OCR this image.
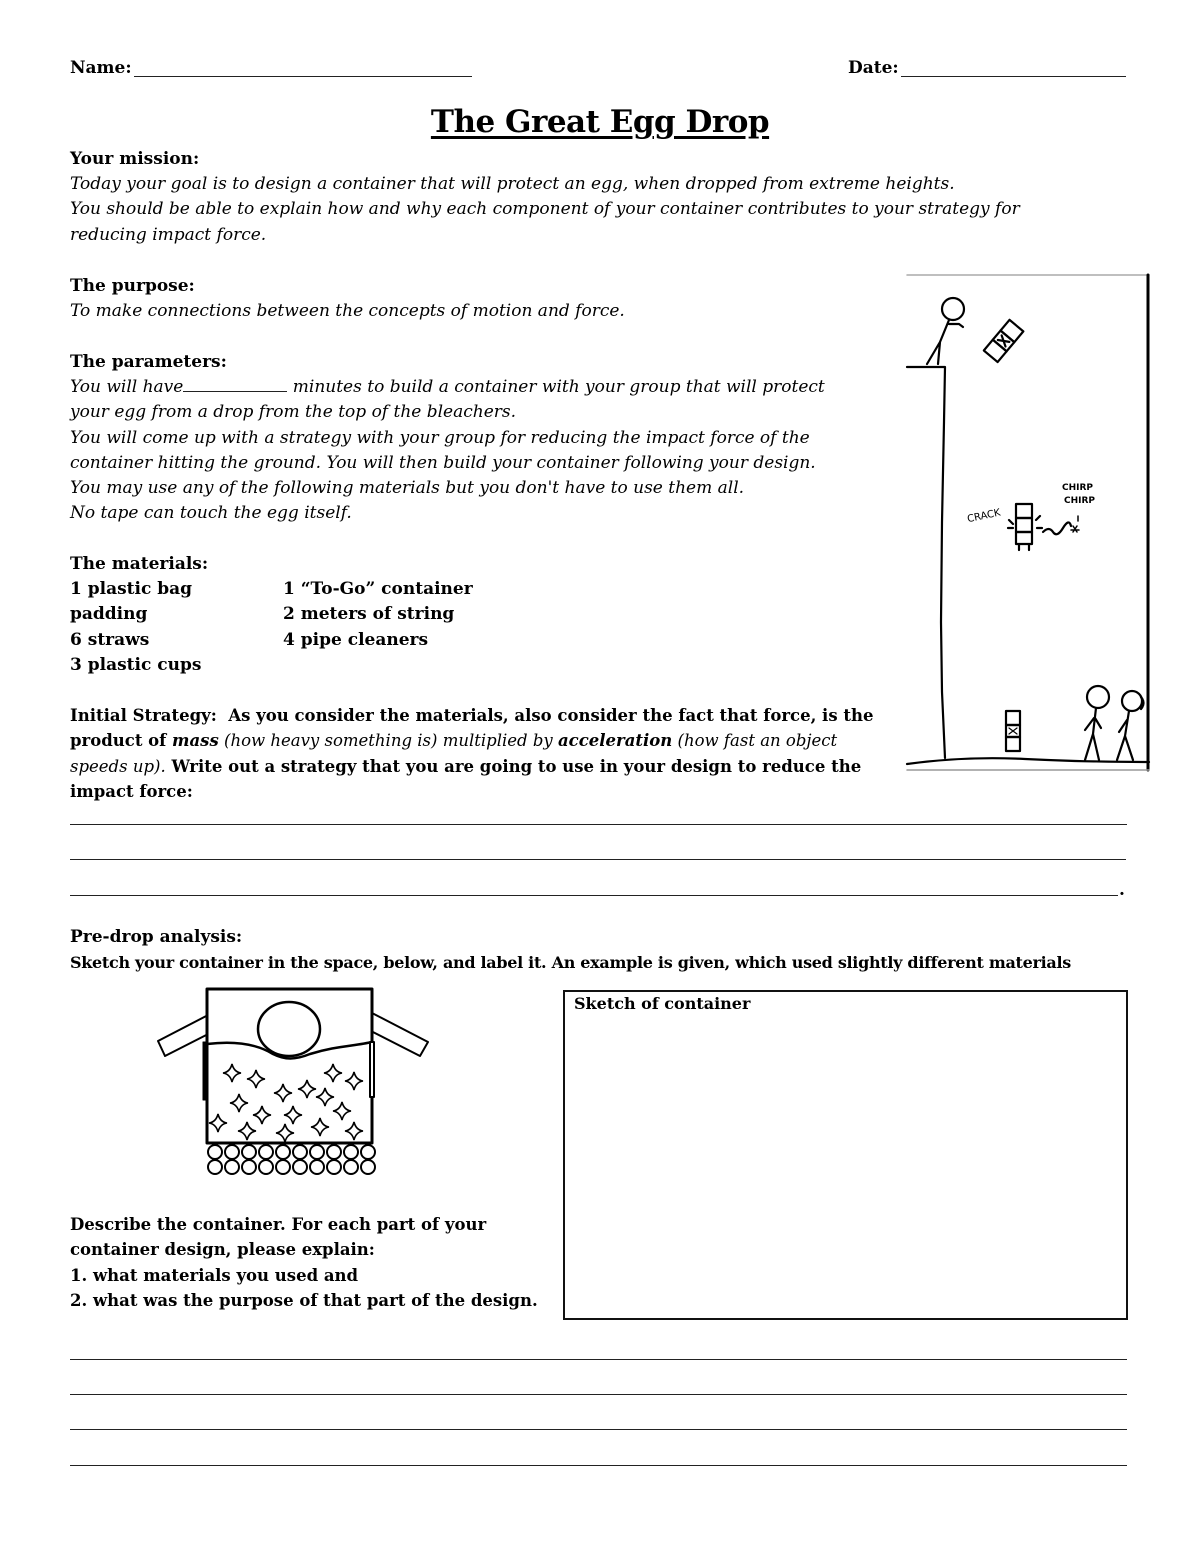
Name:	Date:
The Great Egg Drop
Your mission:
Today your goal is to design a container that will protect an egg, when dropped from extreme heights.
You should be able to explain how and why each component of your container contributes to your strategy for
reducing impact force.
The purpose:
To make connections between the concepts of motion and force.
The parameters:
You will have	minutes to build a container with your group that will protect
your egg from a drop from the top of the bleachers.
You will come up with a strategy with your group for reducing the impact force of the
container hitting the ground. You will then build your container following your design.
You may use any of the following materials but you don't have to use them all.
No tape can touch the egg itself.
The materials:
1 plastic bag
padding
6 straws
3 plastic cups
1 “To-Go” container
2 meters of string
4 pipe cleaners
Initial Strategy: As you consider the materials, also consider the fact that force, is the
product of mass (how heavy something is) multiplied by acceleration (how fast an object
speeds up). Write out a strategy that you are going to use in your design to reduce the
impact force:
.
CRACK
CHIRP
CHIRP
Pre-drop analysis:
Sketch your container in the space, below, and label it. An example is given, which used slightly different materials
Sketch of container
Describe the container. For each part of your
container design, please explain:
1. what materials you used and
2. what was the purpose of that part of the design.
